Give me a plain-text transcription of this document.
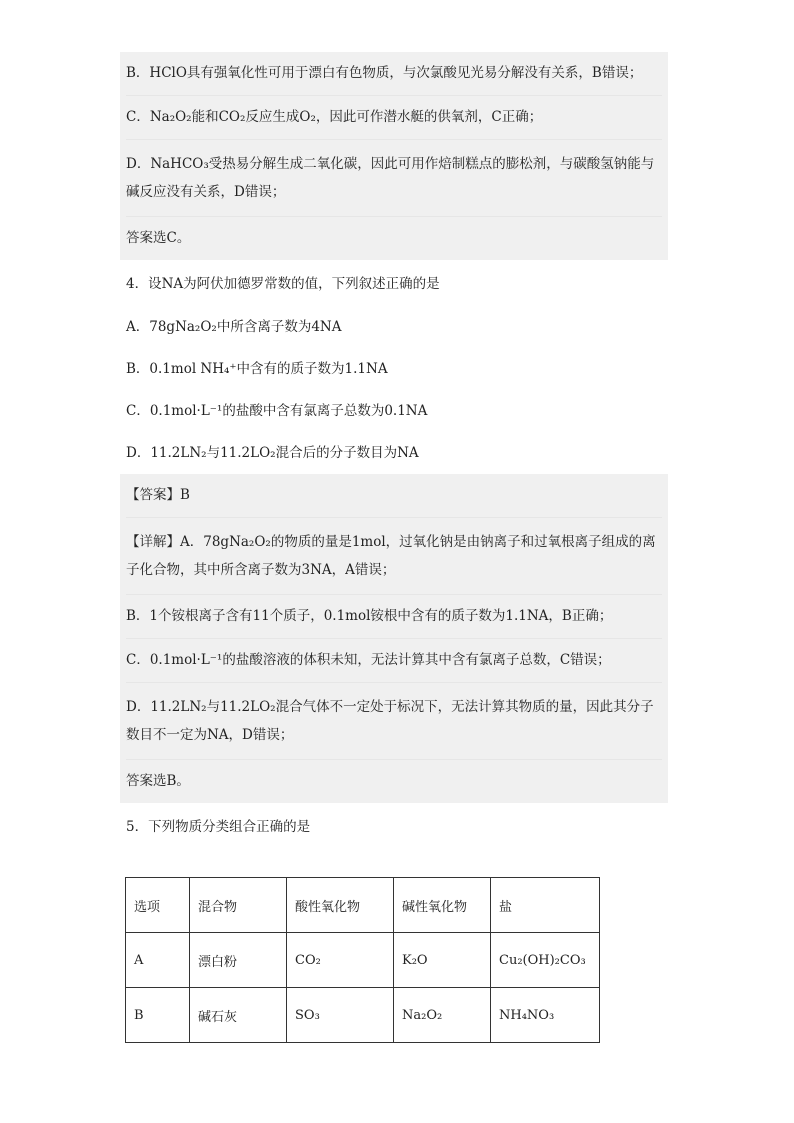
B．HClO具有强氧化性可用于漂白有色物质，与次氯酸见光易分解没有关系，B错误；
C．Na₂O₂能和CO₂反应生成O₂，因此可作潜水艇的供氧剂，C正确；
D．NaHCO₃受热易分解生成二氧化碳，因此可用作焙制糕点的膨松剂，与碳酸氢钠能与碱反应没有关系，D错误；
答案选C。
4．设NA为阿伏加德罗常数的值，下列叙述正确的是
A．78gNa₂O₂中所含离子数为4NA
B．0.1mol NH₄⁺中含有的质子数为1.1NA
C．0.1mol·L⁻¹的盐酸中含有氯离子总数为0.1NA
D．11.2LN₂与11.2LO₂混合后的分子数目为NA
【答案】B
【详解】A．78gNa₂O₂的物质的量是1mol，过氧化钠是由钠离子和过氧根离子组成的离子化合物，其中所含离子数为3NA，A错误；
B．1个铵根离子含有11个质子，0.1mol铵根中含有的质子数为1.1NA，B正确；
C．0.1mol·L⁻¹的盐酸溶液的体积未知，无法计算其中含有氯离子总数，C错误；
D．11.2LN₂与11.2LO₂混合气体不一定处于标况下，无法计算其物质的量，因此其分子数目不一定为NA，D错误；
答案选B。
5．下列物质分类组合正确的是
选项	混合物	酸性氧化物	碱性氧化物	盐
A	漂白粉	CO₂	K₂O	Cu₂(OH)₂CO₃
B	碱石灰	SO₃	Na₂O₂	NH₄NO₃
